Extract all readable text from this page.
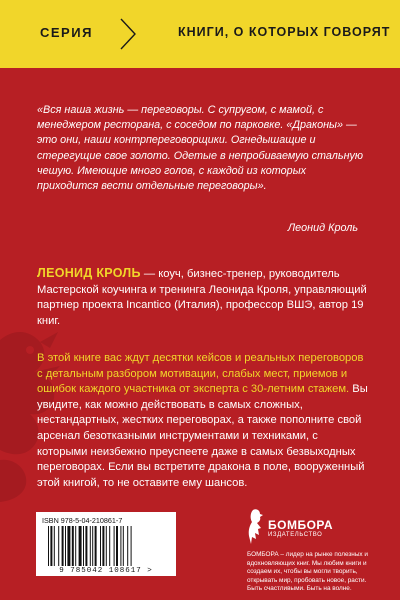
СЕРИЯ	КНИГИ, О КОТОРЫХ ГОВОРЯТ
«Вся наша жизнь — переговоры. С супругом, с мамой, с менеджером ресторана, с соседом по парковке. «Драконы» — это они, наши контрпереговорщики. Огнедышащие и стерегущие свое золото. Одетые в непробиваемую стальную чешую. Имеющие много голов, с каждой из которых приходится вести отдельные переговоры».
Леонид Кроль
ЛЕОНИД КРОЛЬ — коуч, бизнес-тренер, руководитель Мастерской коучинга и тренинга Леонида Кроля, управляющий партнер проекта Incantico (Италия), профессор ВШЭ, автор 19 книг.
В этой книге вас ждут десятки кейсов и реальных переговоров с детальным разбором мотивации, слабых мест, приемов и ошибок каждого участника от эксперта с 30-летним стажем. Вы увидите, как можно действовать в самых сложных, нестандартных, жестких переговорах, а также пополните свой арсенал безотказными инструментами и техниками, с которыми неизбежно преуспеете даже в самых безвыходных переговорах. Если вы встретите дракона в поле, вооруженный этой книгой, то не оставите ему шансов.
ISBN 978-5-04-210861-7
9 785042 108617 >
БОМБОРА
ИЗДАТЕЛЬСТВО
БОМБОРА – лидер на рынке полезных и вдохновляющих книг. Мы любим книги и создаем их, чтобы вы могли творить, открывать мир, пробовать новое, расти. Быть счастливыми. Быть на волне.
